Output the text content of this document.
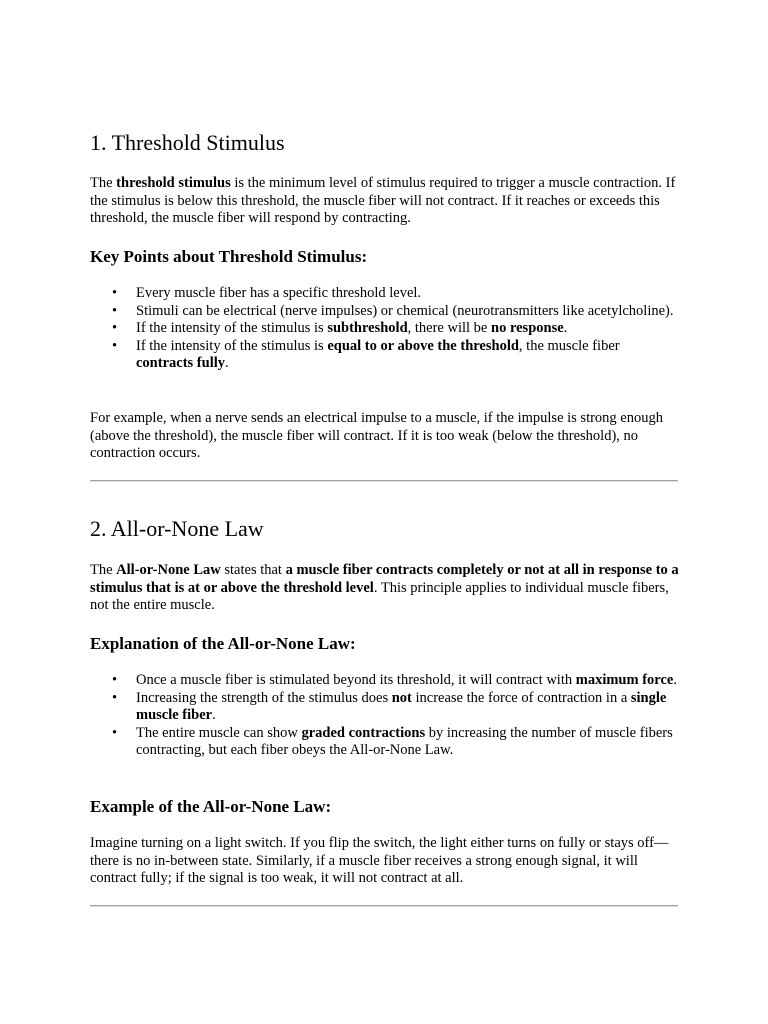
1. Threshold Stimulus

The threshold stimulus is the minimum level of stimulus required to trigger a muscle contraction. If the stimulus is below this threshold, the muscle fiber will not contract. If it reaches or exceeds this threshold, the muscle fiber will respond by contracting.

Key Points about Threshold Stimulus:
• Every muscle fiber has a specific threshold level.
• Stimuli can be electrical (nerve impulses) or chemical (neurotransmitters like acetylcholine).
• If the intensity of the stimulus is subthreshold, there will be no response.
• If the intensity of the stimulus is equal to or above the threshold, the muscle fiber contracts fully.

For example, when a nerve sends an electrical impulse to a muscle, if the impulse is strong enough (above the threshold), the muscle fiber will contract. If it is too weak (below the threshold), no contraction occurs.

2. All-or-None Law

The All-or-None Law states that a muscle fiber contracts completely or not at all in response to a stimulus that is at or above the threshold level. This principle applies to individual muscle fibers, not the entire muscle.

Explanation of the All-or-None Law:
• Once a muscle fiber is stimulated beyond its threshold, it will contract with maximum force.
• Increasing the strength of the stimulus does not increase the force of contraction in a single muscle fiber.
• The entire muscle can show graded contractions by increasing the number of muscle fibers contracting, but each fiber obeys the All-or-None Law.
Example of the All-or-None Law:

Imagine turning on a light switch. If you flip the switch, the light either turns on fully or stays off—there is no in-between state. Similarly, if a muscle fiber receives a strong enough signal, it will contract fully; if the signal is too weak, it will not contract at all.
